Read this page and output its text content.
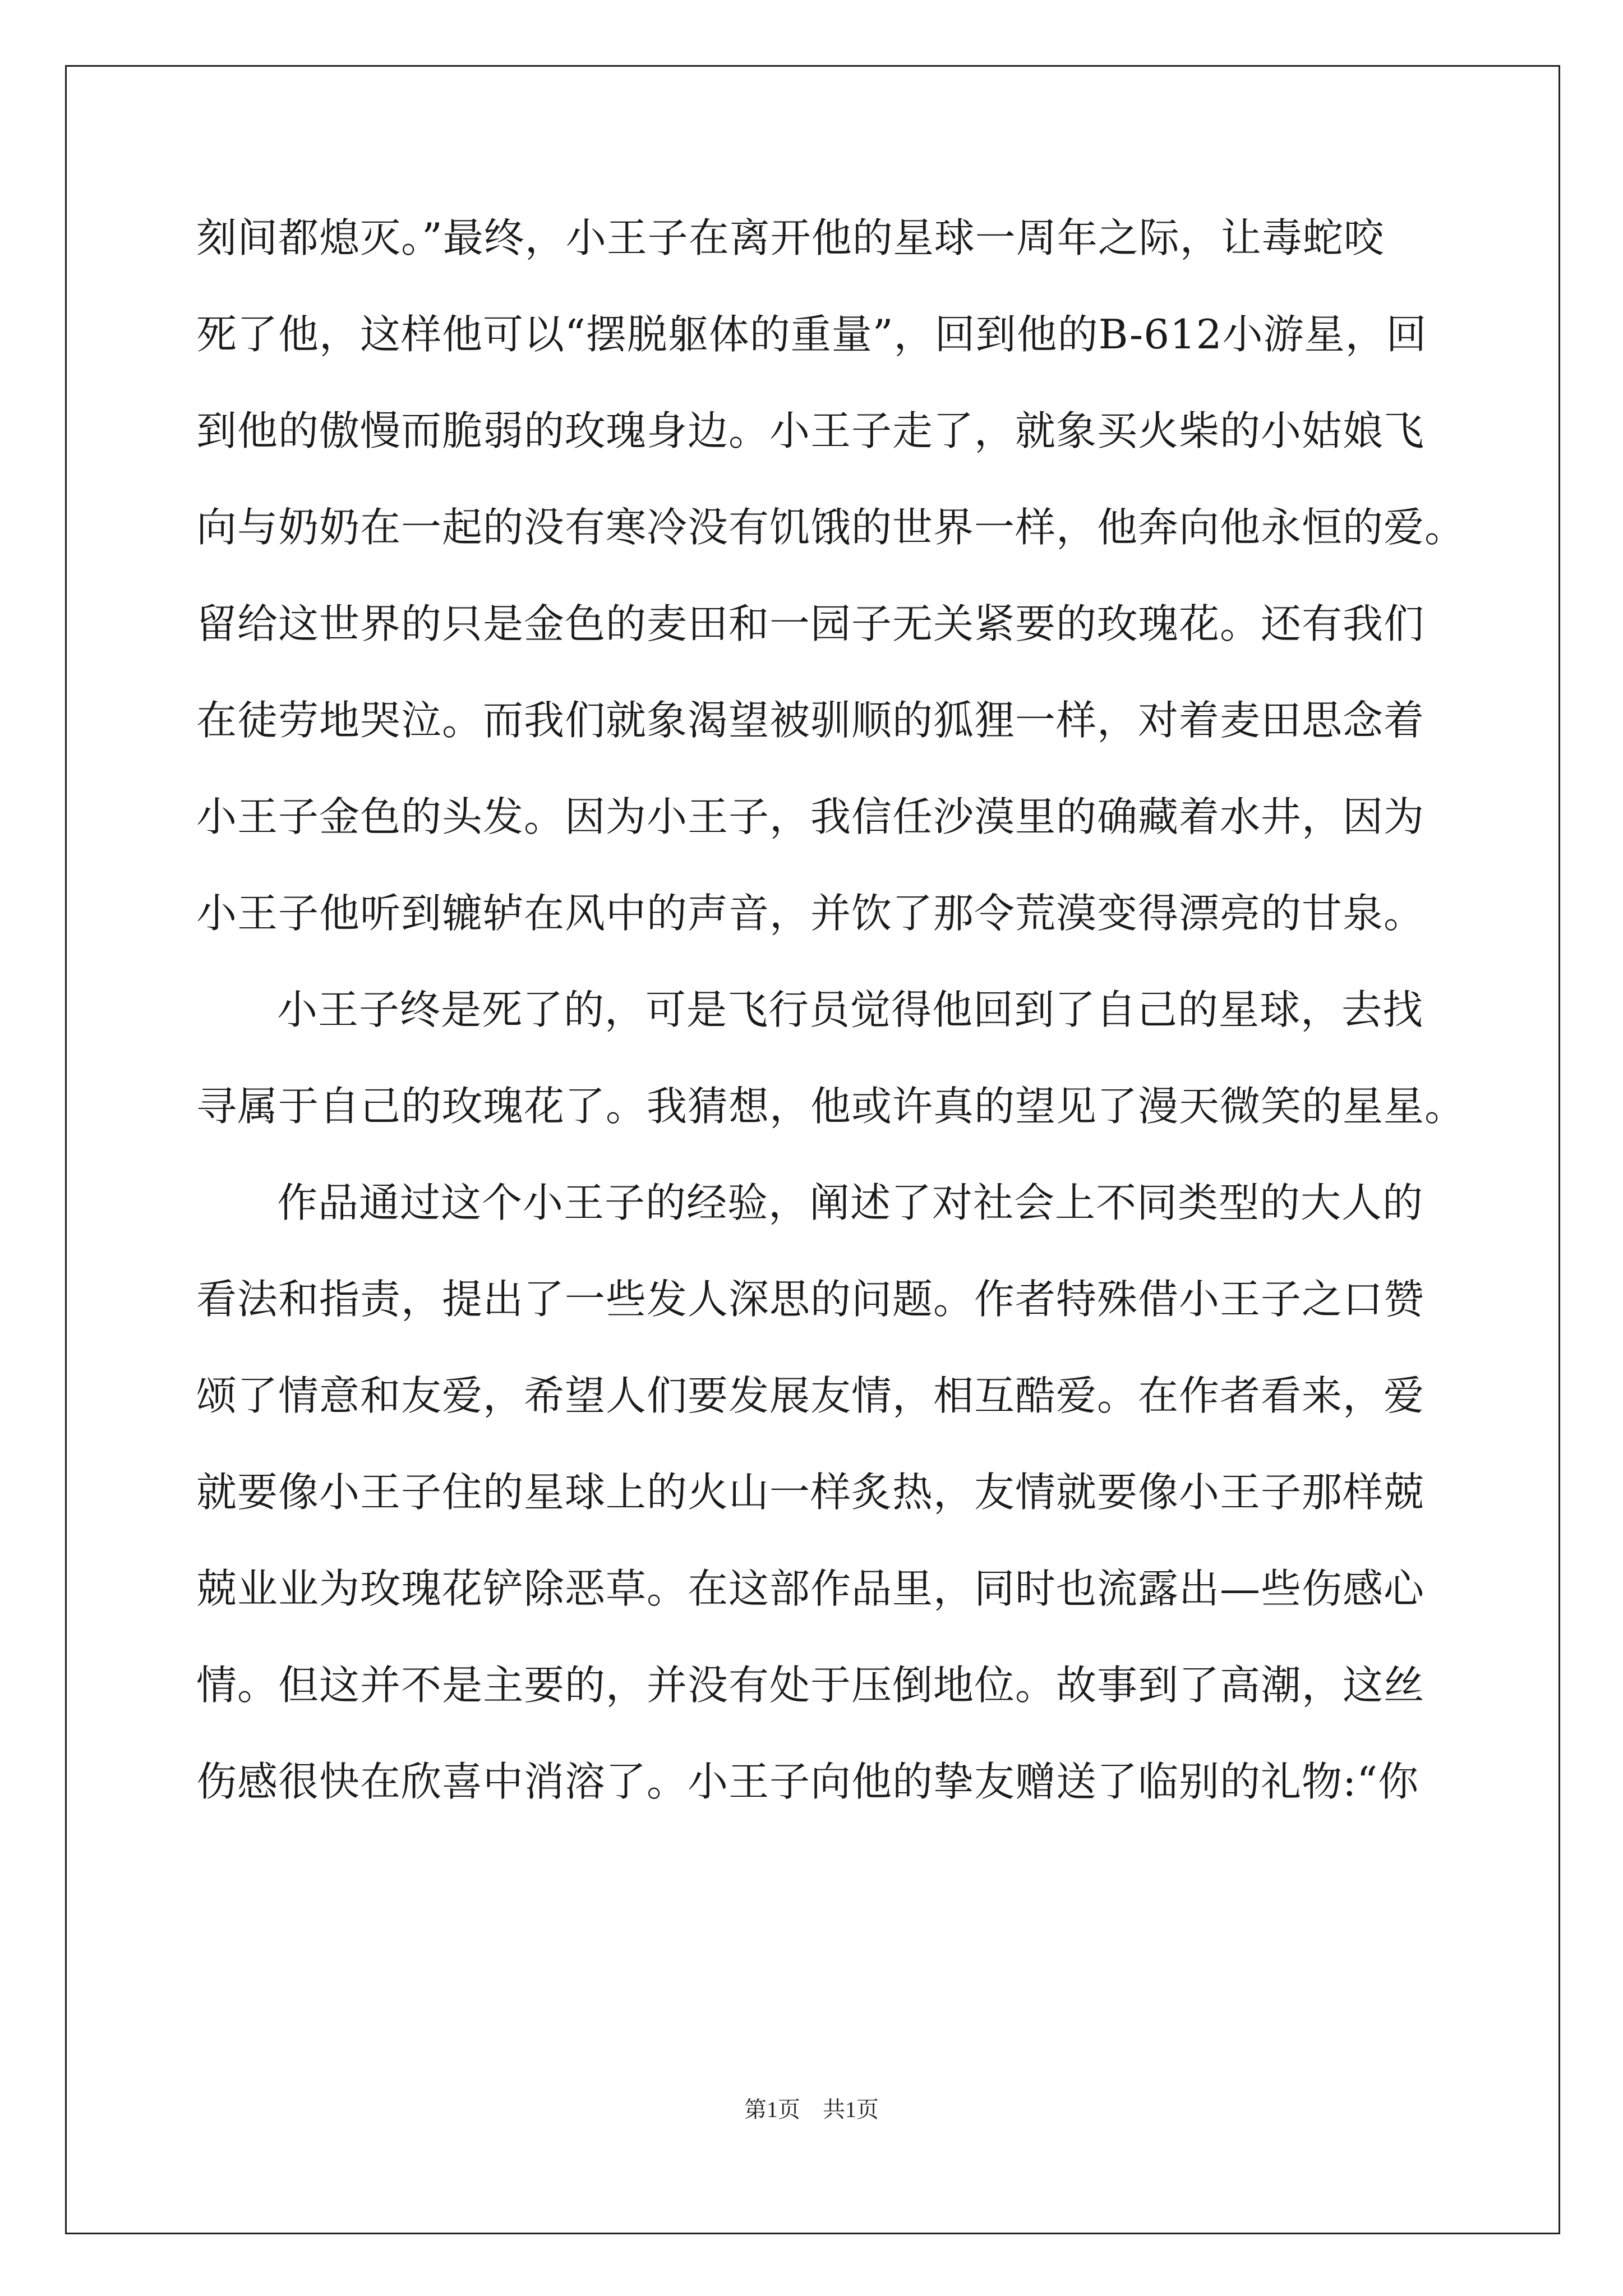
刻间都熄灭。”最终，小王子在离开他的星球一周年之际，让毒蛇咬
死了他，这样他可以“摆脱躯体的重量”，回到他的B-612小游星，回
到他的傲慢而脆弱的玫瑰身边。小王子走了，就象买火柴的小姑娘飞
向与奶奶在一起的没有寒冷没有饥饿的世界一样，他奔向他永恒的爱。
留给这世界的只是金色的麦田和一园子无关紧要的玫瑰花。还有我们
在徒劳地哭泣。而我们就象渴望被驯顺的狐狸一样，对着麦田思念着
小王子金色的头发。因为小王子，我信任沙漠里的确藏着水井，因为
小王子他听到辘轳在风中的声音，并饮了那令荒漠变得漂亮的甘泉。
小王子终是死了的，可是飞行员觉得他回到了自己的星球，去找
寻属于自己的玫瑰花了。我猜想，他或许真的望见了漫天微笑的星星。
作品通过这个小王子的经验，阐述了对社会上不同类型的大人的
看法和指责，提出了一些发人深思的问题。作者特殊借小王子之口赞
颂了情意和友爱，希望人们要发展友情，相互酷爱。在作者看来，爱
就要像小王子住的星球上的火山一样炙热，友情就要像小王子那样兢
兢业业为玫瑰花铲除恶草。在这部作品里，同时也流露出—些伤感心
情。但这并不是主要的，并没有处于压倒地位。故事到了高潮，这丝
伤感很快在欣喜中消溶了。小王子向他的挚友赠送了临别的礼物:“你
第1页 共1页
